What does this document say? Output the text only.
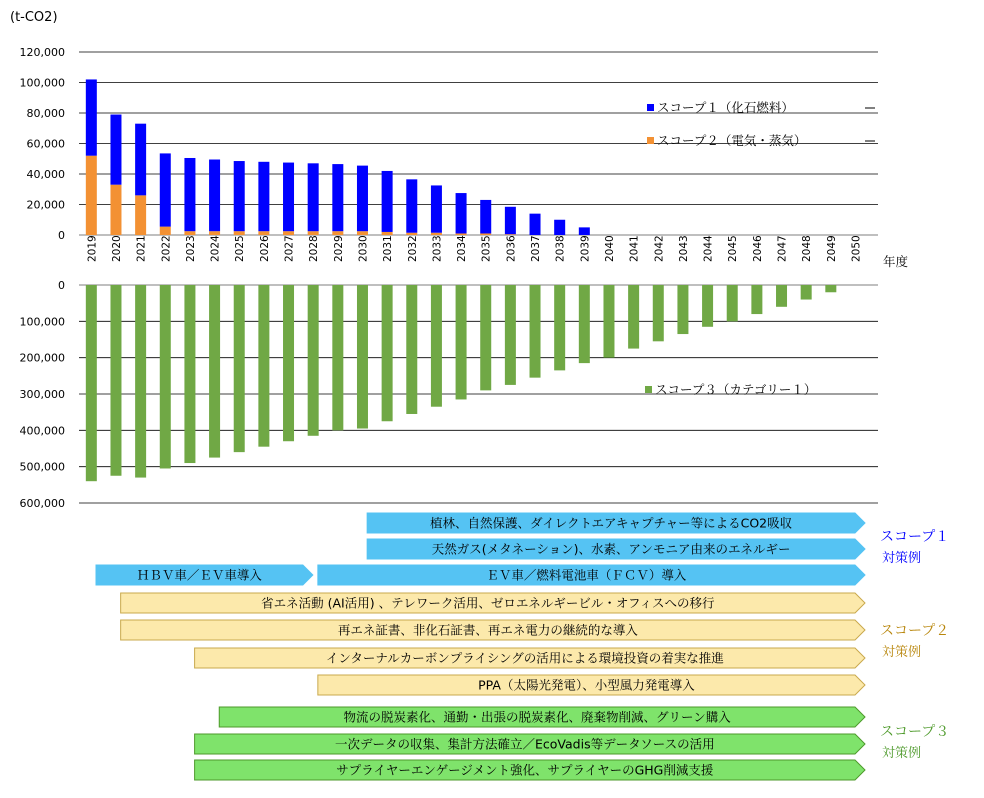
(t-CO2)
0
20,000
40,000
60,000
80,000
100,000
120,000
2019 2020 2021 2022 2023 2024 2025 2026 2027 2028 2029 2030 2031 2032 2033 2034 2035 2036 2037 2038 2039 2040 2041 2042 2043 2044 2045 2046 2047 2048 2049 2050 年度
スコープ１（化石燃料）
スコープ２（電気・蒸気）
0
100,000
200,000
300,000
400,000
500,000
600,000
スコープ３（カテゴリー１）
植林、自然保護、ダイレクトエアキャプチャー等によるCO2吸収
天然ガス(メタネーション)、水素、アンモニア由来のエネルギー
ＨＢＶ車／ＥＶ車導入	ＥＶ車／燃料電池車（ＦＣＶ）導入
省エネ活動 (AI活用) 、テレワーク活用、ゼロエネルギービル・オフィスへの移行
再エネ証書、非化石証書、再エネ電力の継続的な導入
インターナルカーボンプライシングの活用による環境投資の着実な推進
PPA（太陽光発電）、小型風力発電導入
物流の脱炭素化、通勤・出張の脱炭素化、廃棄物削減、グリーン購入
一次データの収集、集計方法確立／EcoVadis等データソースの活用
サプライヤーエンゲージメント強化、サプライヤーのGHG削減支援
スコープ１
対策例
スコープ２
対策例
スコープ３
対策例
